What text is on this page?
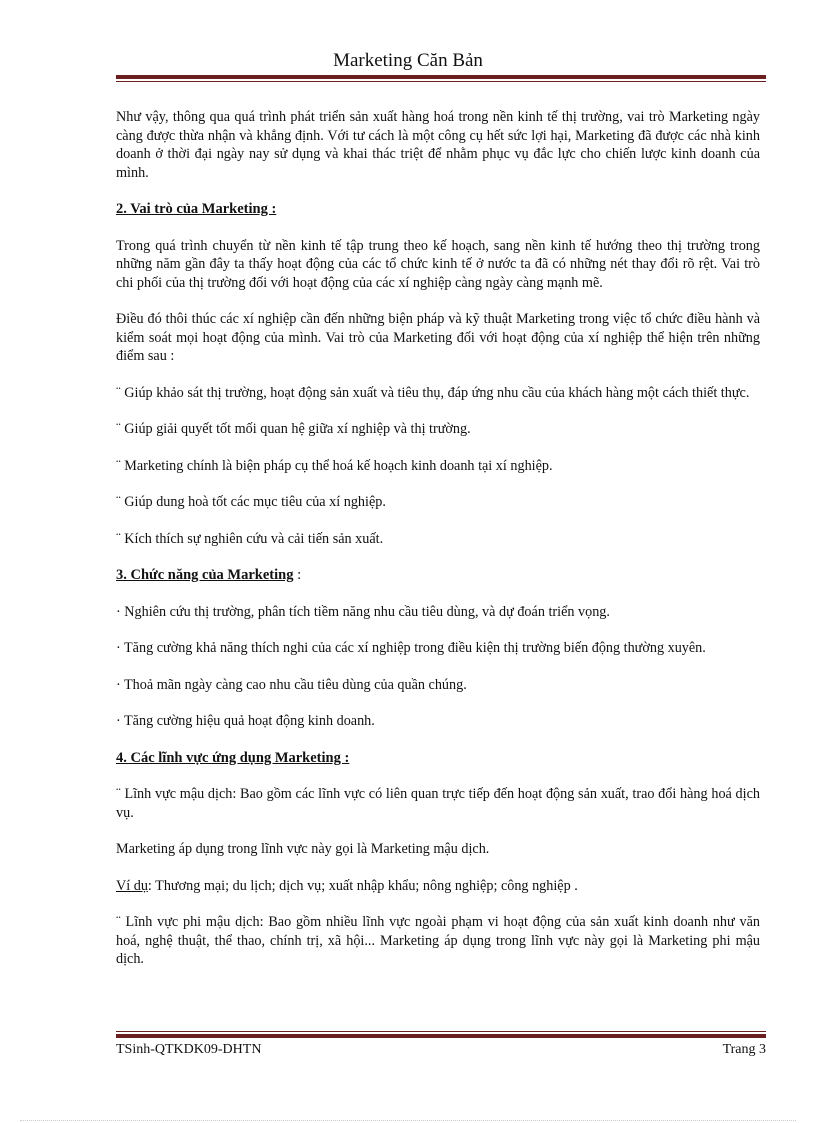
Marketing Căn Bản

Như vậy, thông qua quá trình phát triển sản xuất hàng hoá trong nền kinh tế thị trường, vai trò Marketing ngày càng được thừa nhận và khẳng định. Với tư cách là một công cụ hết sức lợi hại, Marketing đã được các nhà kinh doanh ở thời đại ngày nay sử dụng và khai thác triệt để nhằm phục vụ đắc lực cho chiến lược kinh doanh của mình.

2. Vai trò của Marketing :

Trong quá trình chuyển từ nền kinh tế tập trung theo kế hoạch, sang nền kinh tế hướng theo thị trường trong những năm gần đây ta thấy hoạt động của các tổ chức kinh tế ở nước ta đã có những nét thay đổi rõ rệt. Vai trò chi phối của thị trường đối với hoạt động của các xí nghiệp càng ngày càng mạnh mẽ.

Điều đó thôi thúc các xí nghiệp cần đến những biện pháp và kỹ thuật Marketing trong việc tổ chức điều hành và kiểm soát mọi hoạt động của mình. Vai trò của Marketing đối với hoạt động của xí nghiệp thể hiện trên những điểm sau :

¨ Giúp khảo sát thị trường, hoạt động sản xuất và tiêu thụ, đáp ứng nhu cầu của khách hàng một cách thiết thực.

¨ Giúp giải quyết tốt mối quan hệ giữa xí nghiệp và thị trường.

¨ Marketing chính là biện pháp cụ thể hoá kế hoạch kinh doanh tại xí nghiệp.

¨ Giúp dung hoà tốt các mục tiêu của xí nghiệp.

¨ Kích thích sự nghiên cứu và cải tiến sản xuất.

3. Chức năng của Marketing :

· Nghiên cứu thị trường, phân tích tiềm năng nhu cầu tiêu dùng, và dự đoán triển vọng.

· Tăng cường khả năng thích nghi của các xí nghiệp trong điều kiện thị trường biến động thường xuyên.

· Thoả mãn ngày càng cao nhu cầu tiêu dùng của quần chúng.

· Tăng cường hiệu quả hoạt động kinh doanh.

4. Các lĩnh vực ứng dụng Marketing :

¨ Lĩnh vực mậu dịch: Bao gồm các lĩnh vực có liên quan trực tiếp đến hoạt động sản xuất, trao đổi hàng hoá dịch vụ.

Marketing áp dụng trong lĩnh vực này gọi là Marketing mậu dịch.

Ví dụ: Thương mại; du lịch; dịch vụ; xuất nhập khẩu; nông nghiệp; công nghiệp .

¨ Lĩnh vực phi mậu dịch: Bao gồm nhiều lĩnh vực ngoài phạm vi hoạt động của sản xuất kinh doanh như văn hoá, nghệ thuật, thể thao, chính trị, xã hội... Marketing áp dụng trong lĩnh vực này gọi là Marketing phi mậu dịch.

TSinh-QTKDK09-DHTN	Trang 3
